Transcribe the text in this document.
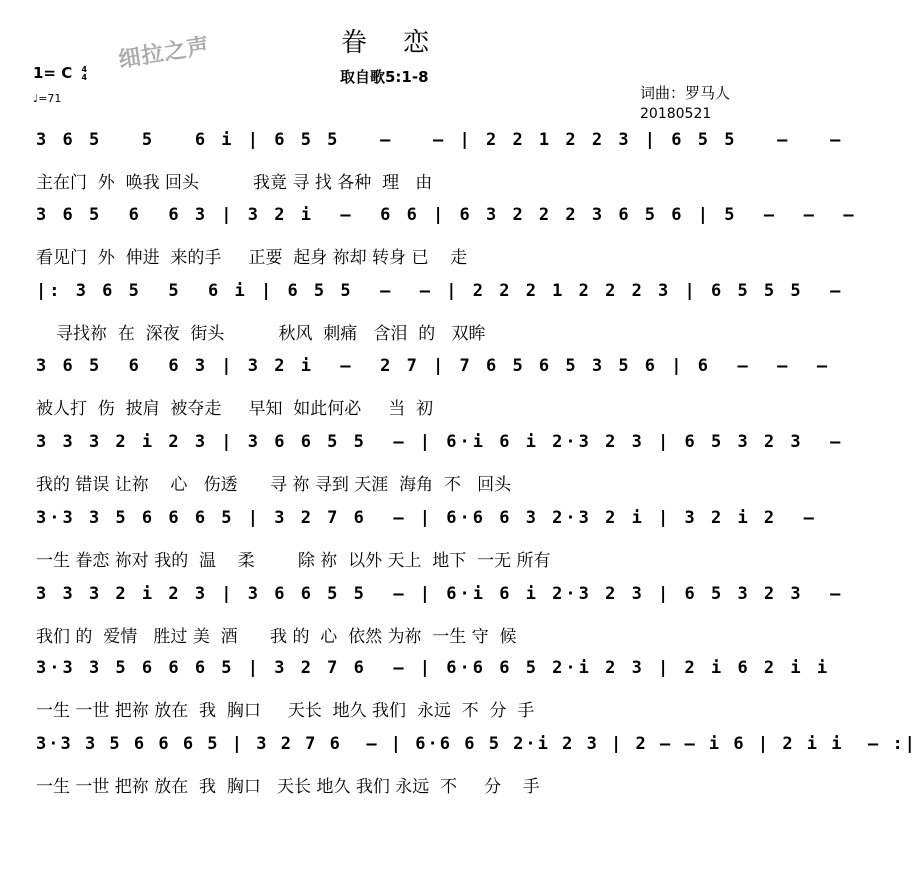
眷 恋
细拉之声
1= C 4
4
♩=71
取自歌5:1-8
词曲：罗马人
20180521
3 6 5   5   6 i | 6 5 5   –   – | 2 2 1 2 2 3 | 6 5 5   –   –
主在门  外  唤我 回头          我竟 寻 找 各种  理   由
3 6 5  6  6 3 | 3 2 i  –  6 6 | 6 3 2 2 2 3 6 5 6 | 5  –  –  –
看见门  外  伸进  来的手     正要  起身 祢却 转身 已    走
|: 3 6 5  5  6 i | 6 5 5  –  – | 2 2 2 1 2 2 2 3 | 6 5 5 5  –
寻找祢  在  深夜  街头          秋风  刺痛   含泪  的   双眸
3 6 5  6  6 3 | 3 2 i  –  2 7 | 7 6 5 6 5 3 5 6 | 6  –  –  –
被人打  伤  披肩  被夺走     早知  如此何必     当  初
3 3 3 2 i 2 3 | 3 6 6 5 5  – | 6·i 6 i 2·3 2 3 | 6 5 3 2 3  –
我的 错误 让祢    心   伤透      寻 祢 寻到 天涯  海角  不   回头
3·3 3 5 6 6 6 5 | 3 2 7 6  – | 6·6 6 3 2·3 2 i | 3 2 i 2  –
一生 眷恋 祢对 我的  温    柔        除 祢  以外 天上  地下  一无 所有
3 3 3 2 i 2 3 | 3 6 6 5 5  – | 6·i 6 i 2·3 2 3 | 6 5 3 2 3  –
我们 的  爱情   胜过 美  酒      我 的  心  依然 为祢  一生 守  候
3·3 3 5 6 6 6 5 | 3 2 7 6  – | 6·6 6 5 2·i 2 3 | 2 i 6 2 i i
一生 一世 把祢 放在  我  胸口     天长  地久 我们  永远  不  分  手
3·3 3 5 6 6 6 5 | 3 2 7 6  – | 6·6 6 5 2·i 2 3 | 2 – – i 6 | 2 i i  – :|
一生 一世 把祢 放在  我  胸口   天长 地久 我们 永远  不     分    手
